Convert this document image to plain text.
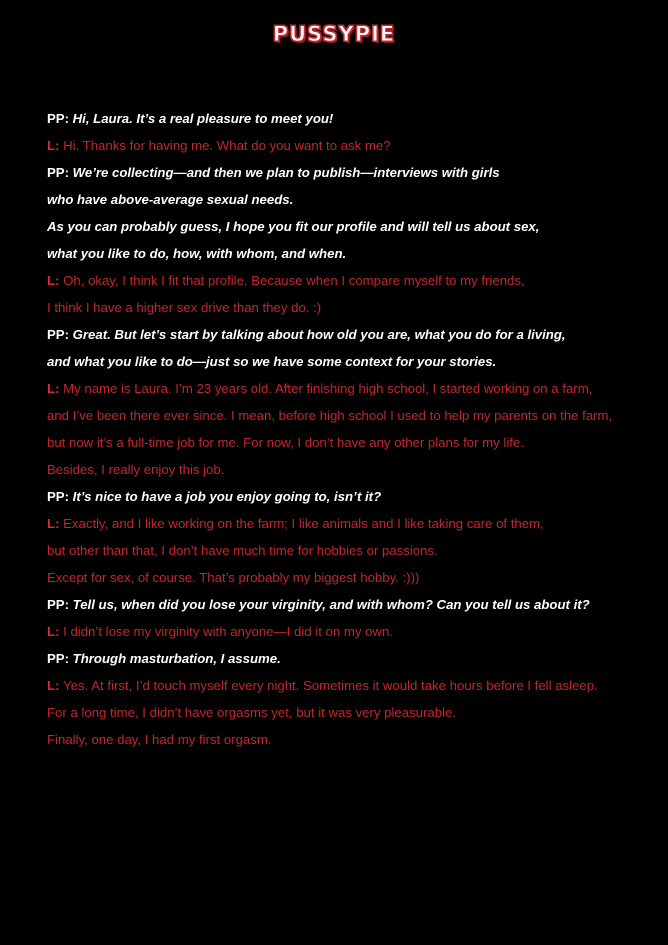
PUSSYPIE
PP: Hi, Laura. It’s a real pleasure to meet you!
L: Hi. Thanks for having me. What do you want to ask me?
PP: We’re collecting—and then we plan to publish—interviews with girls
who have above-average sexual needs.
As you can probably guess, I hope you fit our profile and will tell us about sex,
what you like to do, how, with whom, and when.
L: Oh, okay, I think I fit that profile. Because when I compare myself to my friends,
I think I have a higher sex drive than they do. :)
PP: Great. But let’s start by talking about how old you are, what you do for a living,
and what you like to do—just so we have some context for your stories.
L: My name is Laura. I’m 23 years old. After finishing high school, I started working on a farm,
and I’ve been there ever since. I mean, before high school I used to help my parents on the farm,
but now it’s a full-time job for me. For now, I don’t have any other plans for my life.
Besides, I really enjoy this job.
PP: It’s nice to have a job you enjoy going to, isn’t it?
L: Exactly, and I like working on the farm; I like animals and I like taking care of them,
but other than that, I don’t have much time for hobbies or passions.
Except for sex, of course. That’s probably my biggest hobby. :)))
PP: Tell us, when did you lose your virginity, and with whom? Can you tell us about it?
L: I didn’t lose my virginity with anyone—I did it on my own.
PP: Through masturbation, I assume.
L: Yes. At first, I’d touch myself every night. Sometimes it would take hours before I fell asleep.
For a long time, I didn’t have orgasms yet, but it was very pleasurable.
Finally, one day, I had my first orgasm.
